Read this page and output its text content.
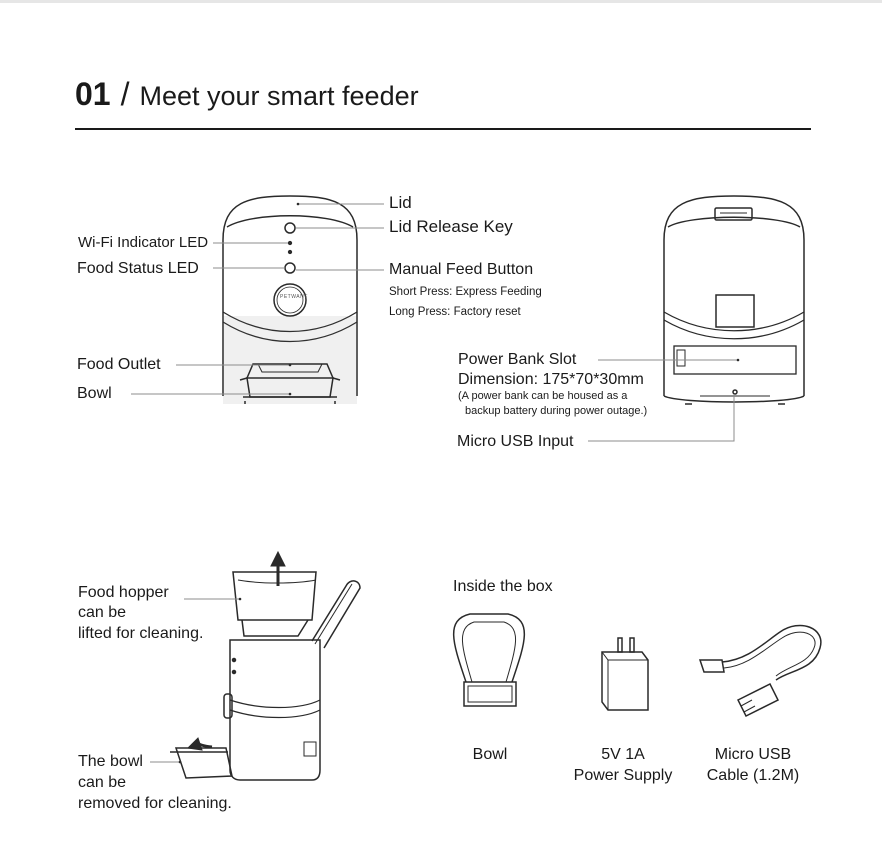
01 / Meet your smart feeder
PETWANT
Lid
Lid Release Key
Wi-Fi Indicator LED
Food Status LED	Manual Feed Button
Short Press: Express Feeding
Long Press: Factory reset
Food Outlet
Bowl
Power Bank Slot
Dimension: 175*70*30mm
(A power bank can be housed as a
backup battery during power outage.)
Micro USB Input
Food hopper
can be
lifted for cleaning.
The bowl
can be
removed for cleaning.
Inside the box
Bowl	5V 1A
Power Supply
Micro USB
Cable (1.2M)
